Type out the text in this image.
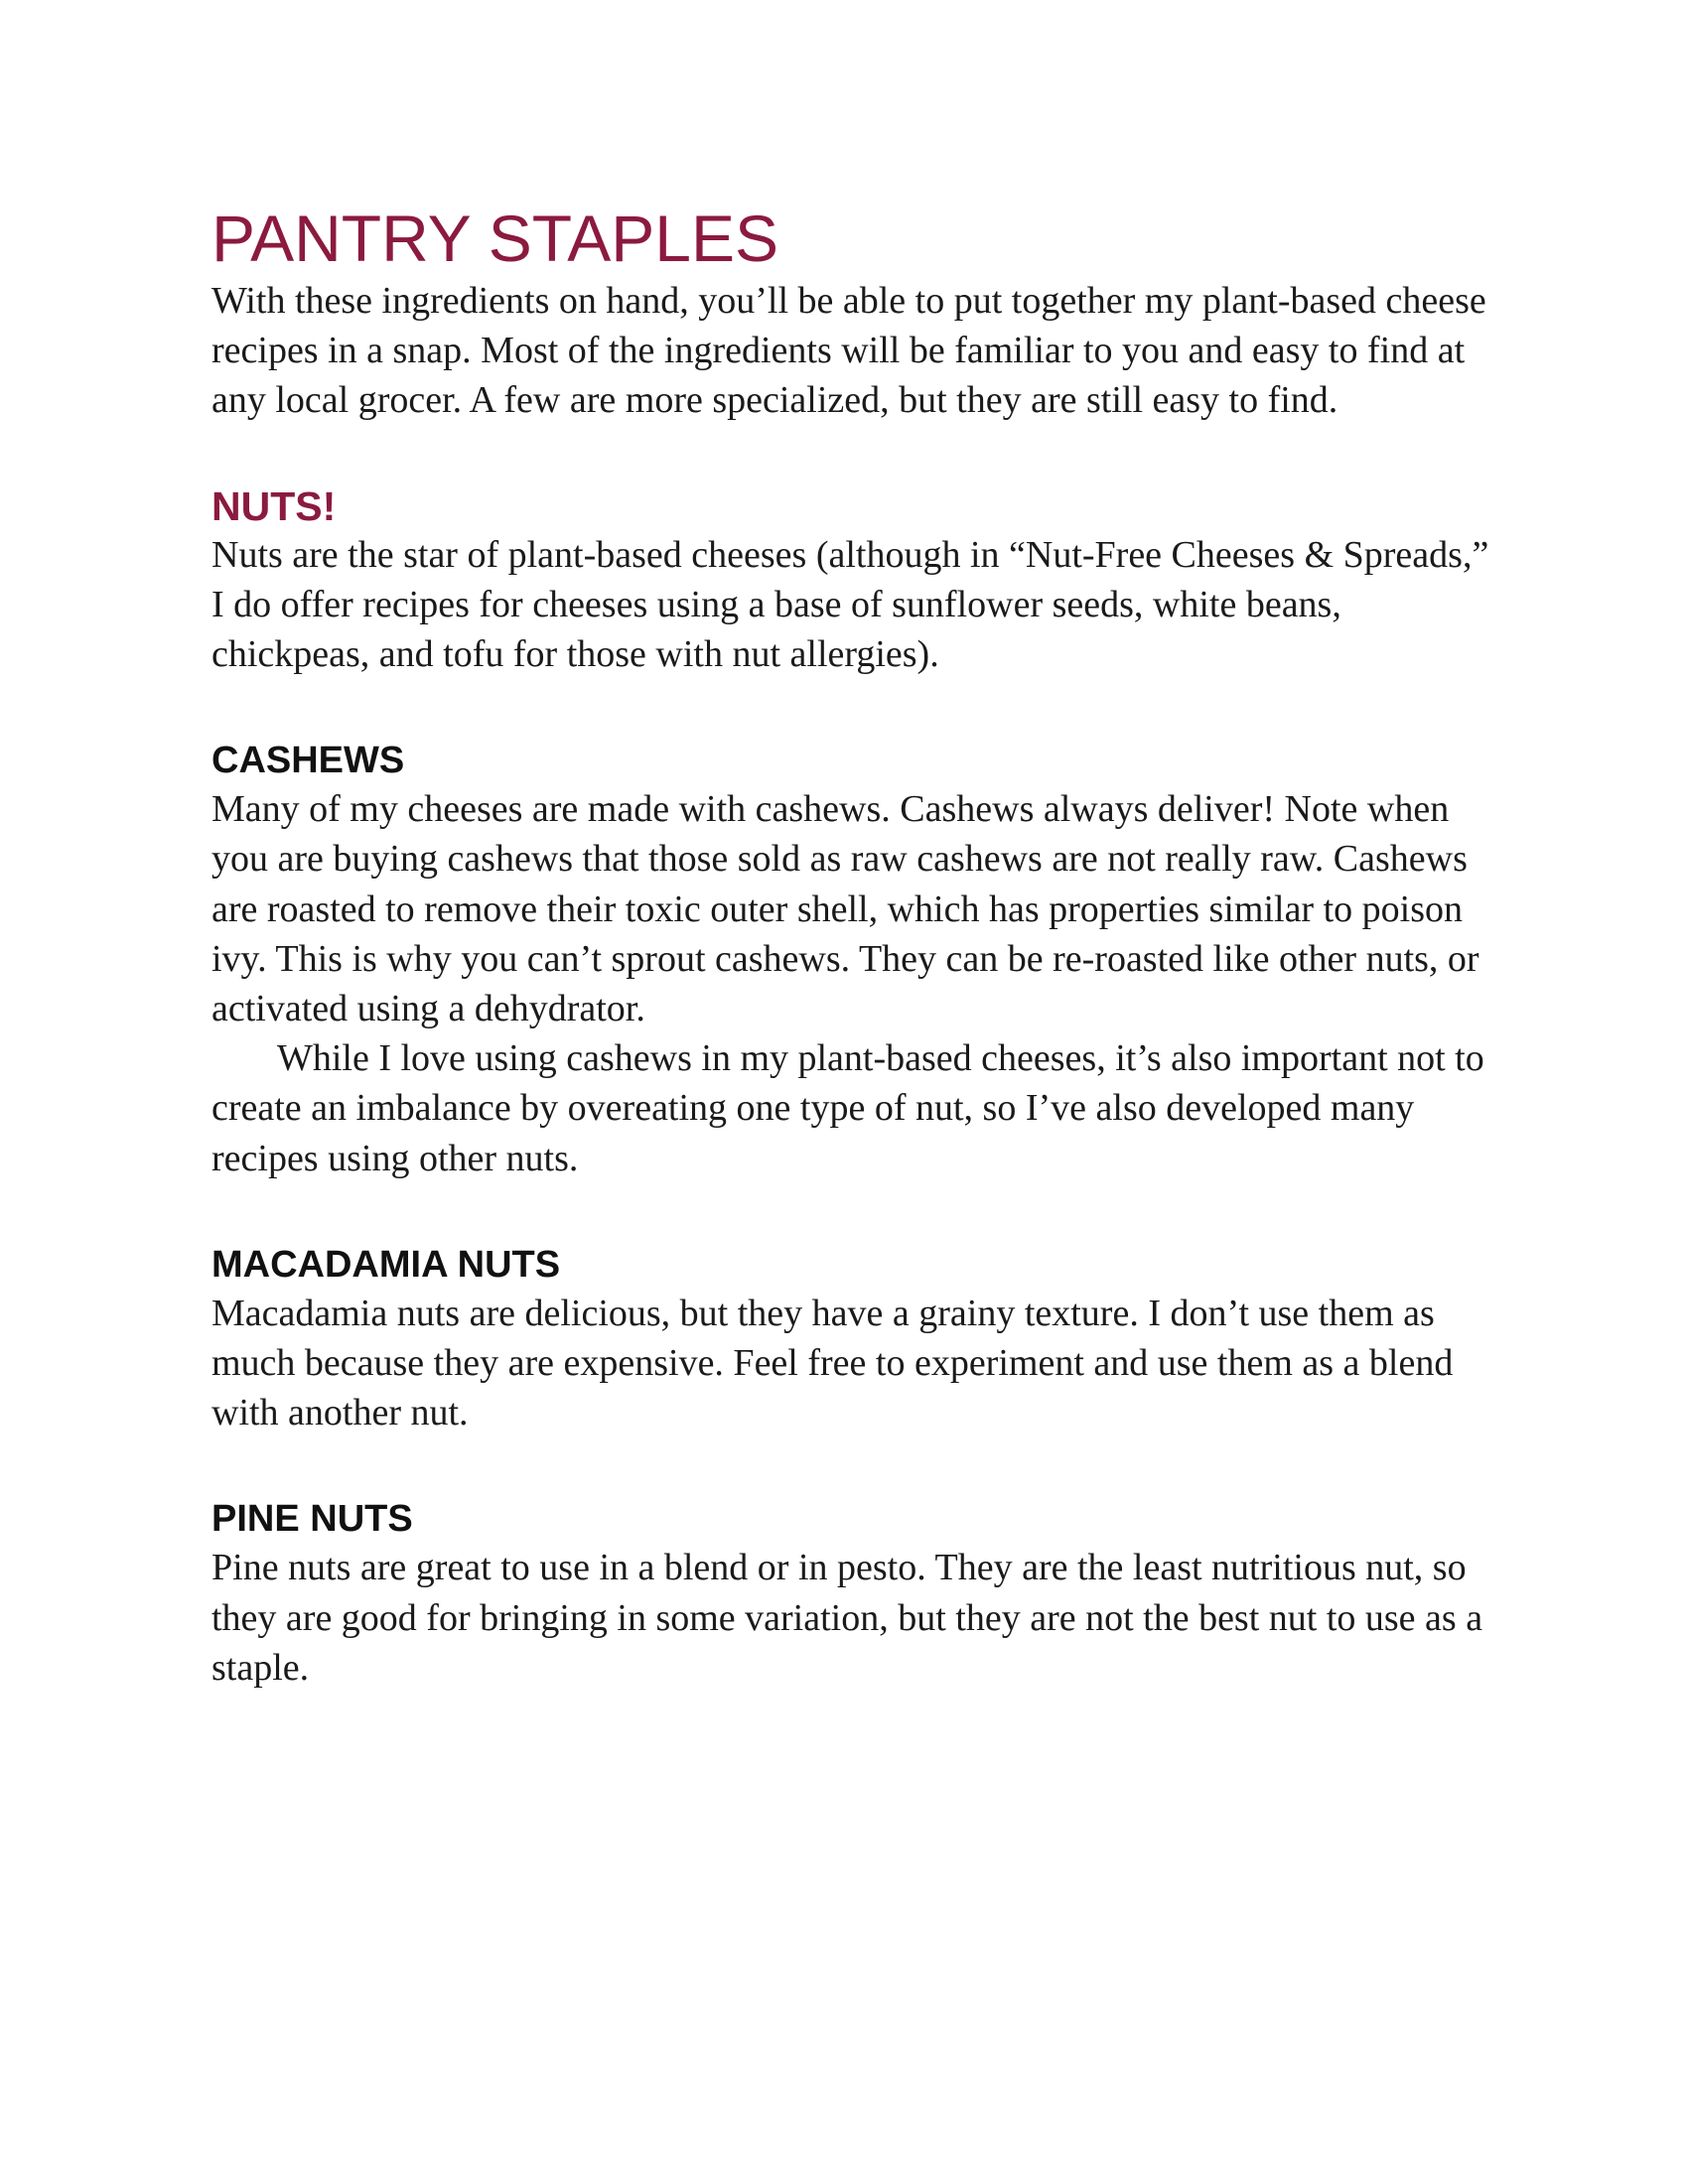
PANTRY STAPLES

With these ingredients on hand, you’ll be able to put together my plant-based cheese recipes in a snap. Most of the ingredients will be familiar to you and easy to find at any local grocer. A few are more specialized, but they are still easy to find.

NUTS!

Nuts are the star of plant-based cheeses (although in “Nut-Free Cheeses & Spreads,” I do offer recipes for cheeses using a base of sunflower seeds, white beans, chickpeas, and tofu for those with nut allergies).

CASHEWS

Many of my cheeses are made with cashews. Cashews always deliver! Note when you are buying cashews that those sold as raw cashews are not really raw. Cashews are roasted to remove their toxic outer shell, which has properties similar to poison ivy. This is why you can’t sprout cashews. They can be re-roasted like other nuts, or activated using a dehydrator.

While I love using cashews in my plant-based cheeses, it’s also important not to create an imbalance by overeating one type of nut, so I’ve also developed many recipes using other nuts.

MACADAMIA NUTS

Macadamia nuts are delicious, but they have a grainy texture. I don’t use them as much because they are expensive. Feel free to experiment and use them as a blend with another nut.

PINE NUTS

Pine nuts are great to use in a blend or in pesto. They are the least nutritious nut, so they are good for bringing in some variation, but they are not the best nut to use as a staple.
